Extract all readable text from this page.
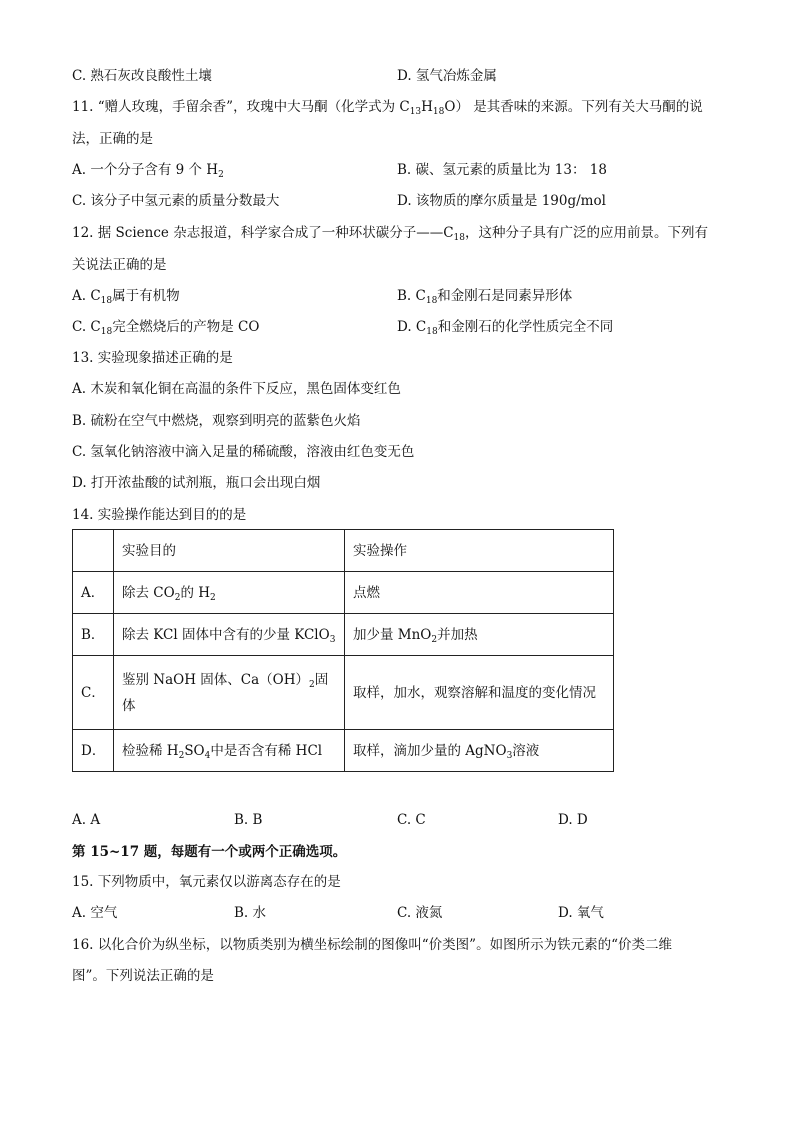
C. 熟石灰改良酸性土壤	D. 氢气冶炼金属
11. “赠人玫瑰，手留余香”，玫瑰中大马酮（化学式为 $C_{13}H_{18}O$） 是其香味的来源。下列有关大马酮的说
法，正确的是
A. 一个分子含有 9 个 $H_2$	B. 碳、氢元素的质量比为 13： 18
C. 该分子中氢元素的质量分数最大	D. 该物质的摩尔质量是 190g/mol
12. 据 Science 杂志报道，科学家合成了一种环状碳分子$——C_{18}$，这种分子具有广泛的应用前景。下列有
关说法正确的是
A. $C_{18}$属于有机物	B. $C_{18}$和金刚石是同素异形体
C. $C_{18}$完全燃烧后的产物是 CO	D. $C_{18}$和金刚石的化学性质完全不同
13. 实验现象描述正确的是
A. 木炭和氧化铜在高温的条件下反应，黑色固体变红色
B. 硫粉在空气中燃烧，观察到明亮的蓝紫色火焰
C. 氢氧化钠溶液中滴入足量的稀硫酸，溶液由红色变无色
D. 打开浓盐酸的试剂瓶，瓶口会出现白烟
14. 实验操作能达到目的的是
	实验目的	实验操作
A．	除去 $CO_2$的 $H_2$	点燃
B．	除去 KCl 固体中含有的少量 KClO$_3$	加少量 MnO$_2$并加热
C．	鉴别 NaOH 固体、$Ca(OH)_2$固
体	取样，加水，观察溶解和温度的变化情况
D．	检验稀 $H_2SO_4$中是否含有稀 HCl	取样，滴加少量的 AgNO$_3$溶液
A. A	B. B	C. C	D. D
第 15~17 题，每题有一个或两个正确选项。
15. 下列物质中，氧元素仅以游离态存在的是
A. 空气	B. 水	C. 液氮	D. 氧气
16. 以化合价为纵坐标，以物质类别为横坐标绘制的图像叫“价类图”。如图所示为铁元素的“价类二维
图”。下列说法正确的是
